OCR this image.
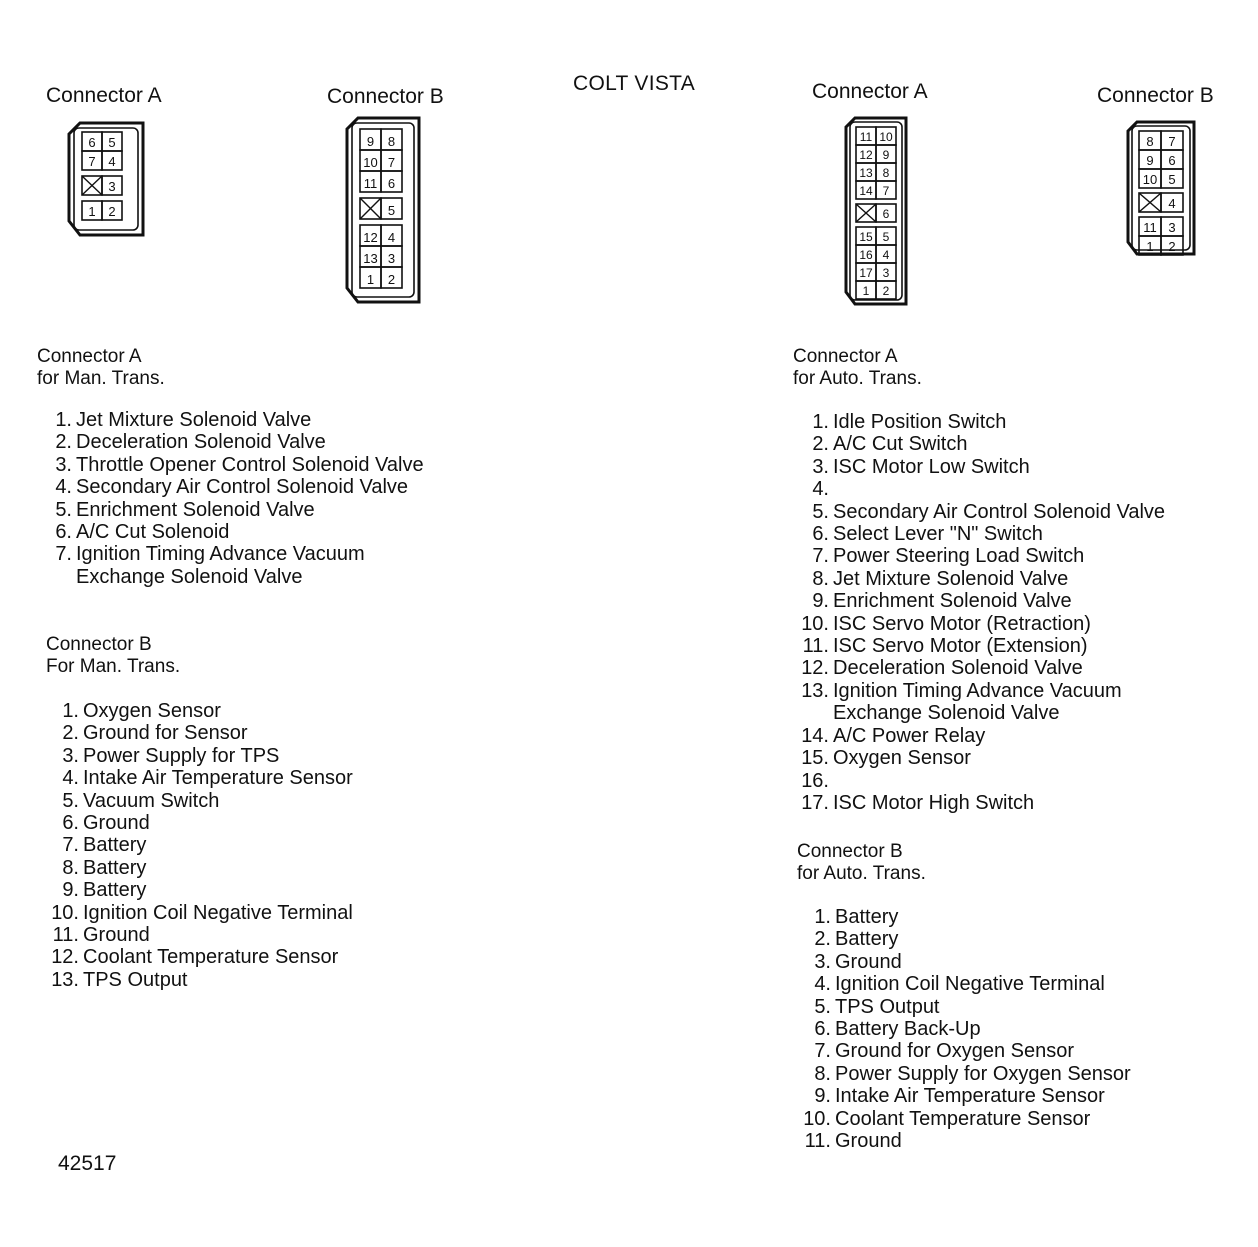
COLT VISTA
Connector A	Connector B	Connector A	Connector B
6 5
7 4
3
1 2
9 8
10 7
11 6
5
12 4
13 3
1 2
11 10
12 9
13 8
14 7
6
15 5
16 4
17 3
1 2
8 7
9 6
10 5
4
11 3
1 2
Connector A
for Man. Trans.
1. Jet Mixture Solenoid Valve
2. Deceleration Solenoid Valve
3. Throttle Opener Control Solenoid Valve
4. Secondary Air Control Solenoid Valve
5. Enrichment Solenoid Valve
6. A/C Cut Solenoid
7. Ignition Timing Advance Vacuum
Exchange Solenoid Valve
Connector B
For Man. Trans.
1. Oxygen Sensor
2. Ground for Sensor
3. Power Supply for TPS
4. Intake Air Temperature Sensor
5. Vacuum Switch
6. Ground
7. Battery
8. Battery
9. Battery
10. Ignition Coil Negative Terminal
11. Ground
12. Coolant Temperature Sensor
13. TPS Output
Connector A
for Auto. Trans.
1. Idle Position Switch
2. A/C Cut Switch
3. ISC Motor Low Switch
4.

5. Secondary Air Control Solenoid Valve
6. Select Lever "N" Switch
7. Power Steering Load Switch
8. Jet Mixture Solenoid Valve
9. Enrichment Solenoid Valve
10. ISC Servo Motor (Retraction)
11. ISC Servo Motor (Extension)
12. Deceleration Solenoid Valve
13. Ignition Timing Advance Vacuum
Exchange Solenoid Valve
14. A/C Power Relay
15. Oxygen Sensor
16.

17. ISC Motor High Switch
Connector B
for Auto. Trans.
1. Battery
2. Battery
3. Ground
4. Ignition Coil Negative Terminal
5. TPS Output
6. Battery Back-Up
7. Ground for Oxygen Sensor
8. Power Supply for Oxygen Sensor
9. Intake Air Temperature Sensor
10. Coolant Temperature Sensor
11. Ground
42517
